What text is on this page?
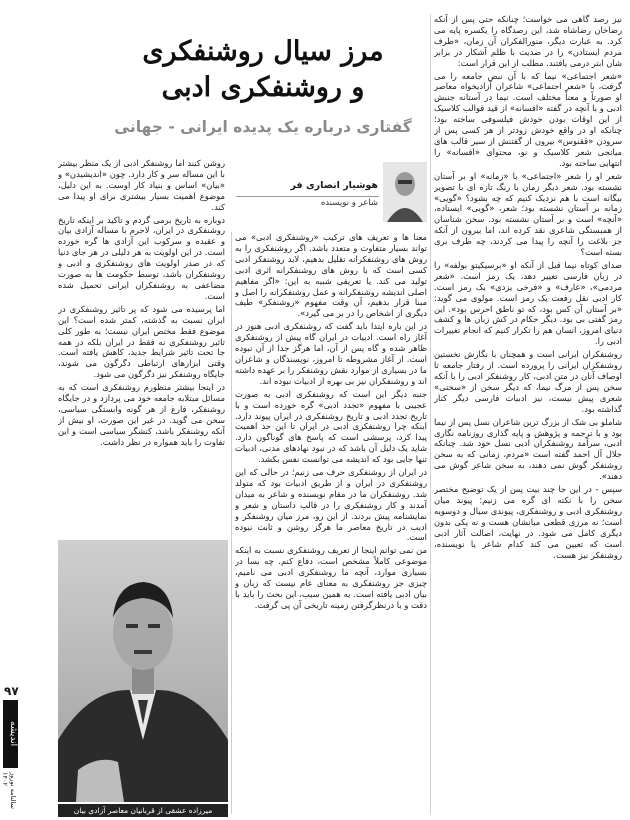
۹۷
اندیشه
سالنامه نوروز ۱۴۰۲

نیز رصد گاهی می خواست؛ چنانکه حتی پس از آنکه رضاخان رضاشاه شد، این رصدگاه را یکسره پایه می کرد. به عبارت دیگر، منورالفکران آن زمان، «طرف مردم ایستادن» را در ضدیت با ظلم آشکار در برابر شان ابتر درمی یافتند. مطلب از این قرار است:

«شعر اجتماعی» نیما که با آن نبض جامعه را می گرفت، با «شعر اجتماعی» شاعران آزادیخواه معاصر او صورتاً و معناً مختلف است. نیما در آستانه جنبش ادبی و با آنچه در گفته «افسانه» از قید قوالب کلاسیک از این اوقات بودن خودش فیلسوفی ساخته بود؛ چنانکه او در واقع خودش زودتر از هر کسی پس از سرودن «ققنوس» بیرون از گفتنش از سیر قالب های میانجی شعر کلاسیک و نو، محتوای «افسانه» را انتهایی ساخته بود.

شعر او را شعر «اجتماعی» با «زمانه» او بر آستان نشسته بود. شعر دیگر زمان با رنگ تازه ای با تصویر بیگانه است با هم نزدیک کنیم که چه بشود؟ «گویی» زمانه بر آستان نشسته بود؛ شعر، «گویی» ایستاده، «آنچه» است و بر آستان نشسته بود. سخن شناسان از همبستگی شاعری نقد کرده اند، اما بیرون از آنکه جز بلاغت را آنچه را پیدا می کردند، چه طرف بری بسته است؟

صدای کوتاه نیما قبل از آنکه او «برسیکیتو بولفه» را در زبان فارسی تغییر دهد، یک رمز است. «شعر مردمی»، «عارف» و «فرخی یزدی» یک رمز است. کار ادبی نقل رفعت یک رمز است. مولوی می گوید: «بر آستان آن کس بود، که تو ناطق احرس بود». این رمز گفتی بی بود. دیگر حکام در کش زبان ها و کشف دنیای امروز، انسان هم را تکرار کنیم که انجام تغییرات ادبی را.

روشنفکران ایرانی است و همچنان با نگارش نخستین روشنفکران ایرانی را پرورده است. از رفتار جامعه تا اوصاف آنان در متن ادبی، کار روشنفکر ادبی را با آنکه سخن پس از مرگ نیما، که دیگر سخن از «سختی» شعری پیش نیست، نیز ادبیات فارسی دیگر کنار گذاشته بود.

شاملو بی شک از بزرگ ترین شاعران نسل پس از نیما بود و با ترجمه و پژوهش و پایه گذاری روزنامه نگاری ادبی، سرآمد روشنفکران ادبی نسل خود شد. چنانکه جلال آل احمد گفته است «مردم، زمانی که به سخن روشنفکر گوش نمی دهند، به سخن شاعر گوش می دهند».

سپس - در این جا چند بیت پس از یک توضیح مختصر سخن را با نکته ای گره می زنیم: پیوند میان روشنفکری ادبی و روشنفکری، پیوندی سیال و دوسویه است؛ نه مرزی قطعی میانشان هست و نه یکی بدون دیگری کامل می شود. در نهایت، اصالت آثار ادبی است که تعیین می کند کدام شاعر یا نویسنده، روشنفکر نیز هست.

مرز سیال روشنفکری
و روشنفکری ادبی
گفتاری درباره یک پدیده ایرانی - جهانی
هوشیار انصاری فر
شاعر و نویسنده

معنا ها و تعریف های ترکیب «روشنفکری ادبی» می تواند بسیار متفاوت و متعدد باشد. اگر روشنفکری را به روش های روشنفکرانه تقلیل بدهیم، لابد روشنفکر ادبی کسی است که با روش های روشنفکرانه اثری ادبی تولید می کند. یا تعریفی شبیه به این: «اگر مفاهیم اصلی اندیشه روشنفکرانه و عمل روشنفکرانه را اصل و مبنا قرار بدهیم، آن وقت مفهوم «روشنفکر» طیف دیگری از اشخاص را در بر می گیرد».

در این باره ابتدا باید گفت که روشنفکری ادبی هنوز در آغاز راه است. ادبیات در ایران گاه پیش از روشنفکری ظاهر شده و گاه پس از آن، اما هرگز جدا از آن نبوده است. از آغاز مشروطه تا امروز، نویسندگان و شاعران ما در بسیاری از موارد نقش روشنفکر را بر عهده داشته اند و روشنفکران نیز بی بهره از ادبیات نبوده اند.

جنبه دیگر این است که روشنفکری ادبی به صورت عجیبی با مفهوم «تجدد ادبی» گره خورده است و با تاریخ تجدد ادبی و تاریخ روشنفکری در ایران پیوند دارد. اینکه چرا روشنفکری ادبی در ایران تا این حد اهمیت پیدا کرد، پرسشی است که پاسخ های گوناگون دارد. شاید یک دلیل آن باشد که در نبود نهادهای مدنی، ادبیات تنها جایی بود که اندیشه می توانست نفس بکشد.

در ایران از روشنفکری حرف می زنیم؛ در حالی که این روشنفکری در ایران و از طریق ادبیات بود که متولد شد. روشنفکران ما در مقام نویسنده و شاعر به میدان آمدند و کار روشنفکری را در قالب داستان و شعر و نمایشنامه پیش بردند. از این رو، مرز میان روشنفکر و ادیب در تاریخ معاصر ما هرگز روشن و ثابت نبوده است.

من نمی توانم اینجا از تعریف روشنفکری نسبت به اینکه موضوعی کاملاً مشخص است، دفاع کنم. چه بسا در بسیاری موارد، آنچه ما روشنفکری ادبی می نامیم، چیزی جز روشنفکری به معنای عام نیست که زبان و بیان ادبی یافته است. به همین سبب، این بحث را باید با دقت و با درنظرگرفتن زمینه تاریخی آن پی گرفت.

روشن کنند اما روشنفکر ادبی از یک منظر بیشتر با این مساله سر و کار دارد. چون «اندیشیدن» و «بیان» اساس و بنیاد کار اوست. به این دلیل، موضوع اهمیت بسیار بیشتری برای او پیدا می کند.

دوباره به تاریخ برمی گردم و تاکید بر اینکه تاریخ روشنفکری در ایران، لاجرم با مساله آزادی بیان و عقیده و سرکوب این آزادی ها گره خورده است. در این اولویت به هر دلیلی در هر جای دنیا که در صدر اولویت های روشنفکری و ادبی و روشنفکران باشد، توسط حکومت ها به صورت مضاعفی به روشنفکران ایرانی تحمیل شده است.

اما پرسیده می شود که پر تاثیر روشنفکری در ایران نسبت به گذشته، کمتر شده است؟ این موضوع فقط مختص ایران نیست؛ به طور کلی تاثیر روشنفکری نه فقط در ایران بلکه در همه جا تحت تاثیر شرایط جدید، کاهش یافته است. وقتی ابزارهای ارتباطی دگرگون می شوند، جایگاه روشنفکر نیز دگرگون می شود.

در اینجا بیشتر منظورم روشنفکری است که به مسائل مبتلابه جامعه خود می پردازد و در جایگاه روشنفکر، فارغ از هر گونه وابستگی سیاسی، سخن می گوید. در غیر این صورت، او بیش از آنکه روشنفکر باشد، کنشگر سیاسی است و این تفاوت را باید همواره در نظر داشت.

میرزاده عشقی از قربانیان معاصر آزادی بیان
